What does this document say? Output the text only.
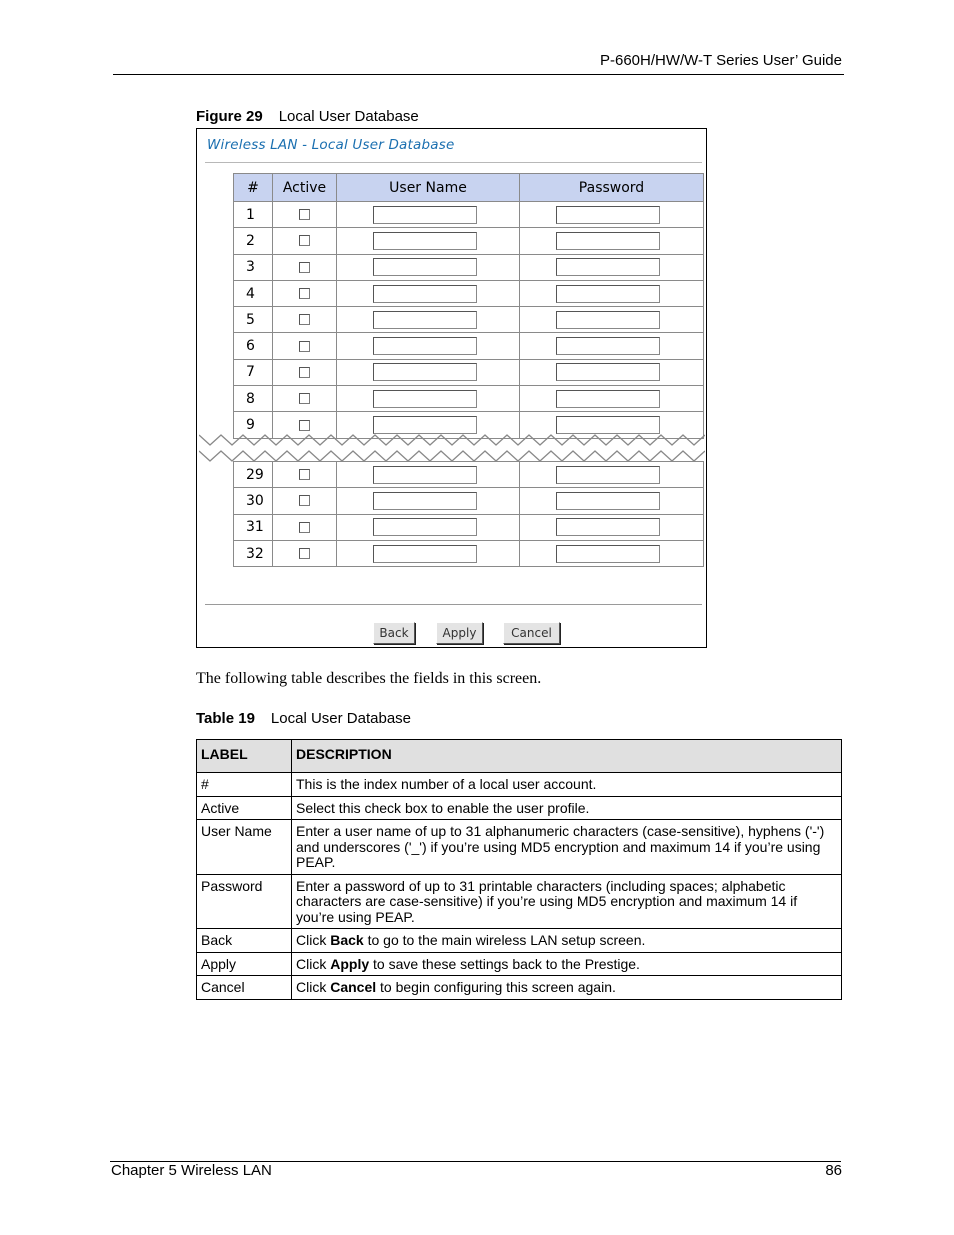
P-660H/HW/W-T Series User’ Guide
Figure 29 Local User Database
Wireless LAN - Local User Database
#	Active	User Name	Password
1			
2			
3			
4			
5			
6			
7			
8			
9			
29			
30			
31			
32			
Back	Apply	Cancel
The following table describes the fields in this screen.
Table 19 Local User Database
LABEL	DESCRIPTION
#	This is the index number of a local user account.
Active	Select this check box to enable the user profile.
User Name	Enter a user name of up to 31 alphanumeric characters (case-sensitive), hyphens ('-') and underscores ('_') if you’re using MD5 encryption and maximum 14 if you’re using PEAP.
Password	Enter a password of up to 31 printable characters (including spaces; alphabetic characters are case-sensitive) if you’re using MD5 encryption and maximum 14 if you’re using PEAP.
Back	Click Back to go to the main wireless LAN setup screen.
Apply	Click Apply to save these settings back to the Prestige.
Cancel	Click Cancel to begin configuring this screen again.
Chapter 5 Wireless LAN	86
